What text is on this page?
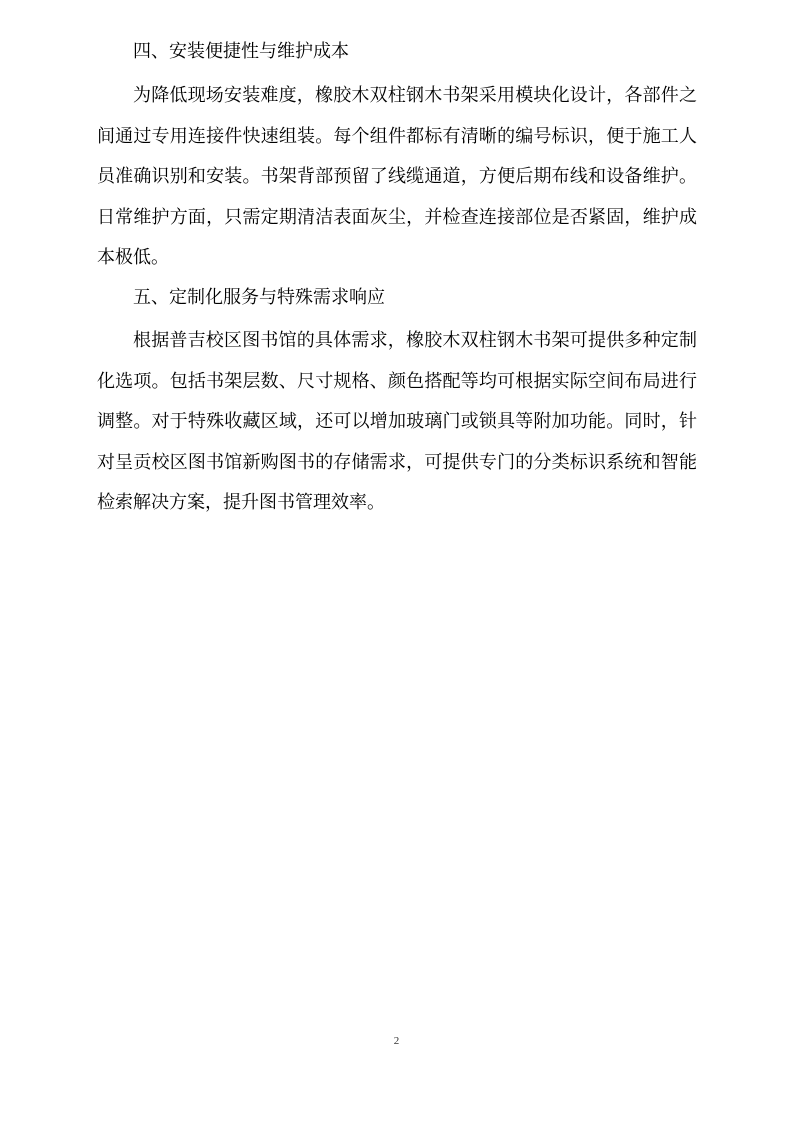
四、安装便捷性与维护成本

为降低现场安装难度，橡胶木双柱钢木书架采用模块化设计，各部件之间通过专用连接件快速组装。每个组件都标有清晰的编号标识，便于施工人员准确识别和安装。书架背部预留了线缆通道，方便后期布线和设备维护。日常维护方面，只需定期清洁表面灰尘，并检查连接部位是否紧固，维护成本极低。

五、定制化服务与特殊需求响应

根据普吉校区图书馆的具体需求，橡胶木双柱钢木书架可提供多种定制化选项。包括书架层数、尺寸规格、颜色搭配等均可根据实际空间布局进行调整。对于特殊收藏区域，还可以增加玻璃门或锁具等附加功能。同时，针对呈贡校区图书馆新购图书的存储需求，可提供专门的分类标识系统和智能检索解决方案，提升图书管理效率。

2
